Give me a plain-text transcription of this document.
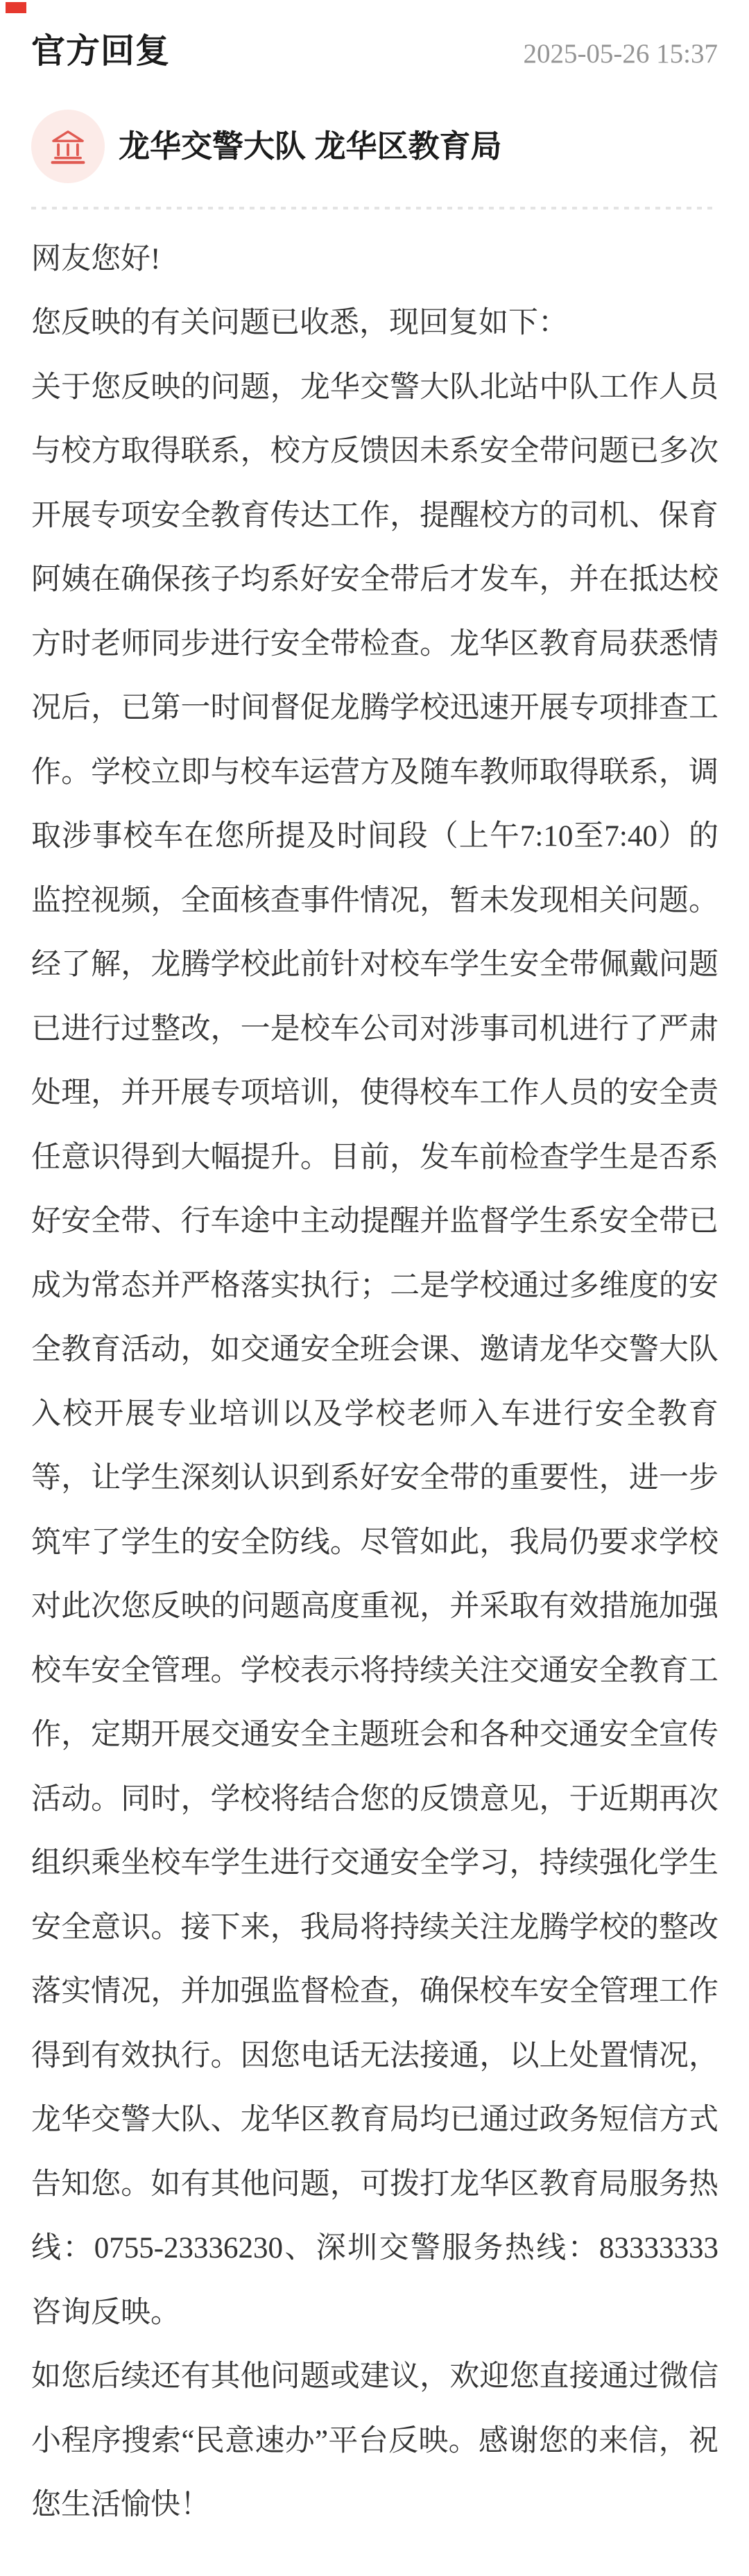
官方回复	2025-05-26 15:37
龙华交警大队 龙华区教育局

网友您好!

您反映的有关问题已收悉，现回复如下：

关于您反映的问题，龙华交警大队北站中队工作人员与校方取得联系，校方反馈因未系安全带问题已多次开展专项安全教育传达工作，提醒校方的司机、保育阿姨在确保孩子均系好安全带后才发车，并在抵达校方时老师同步进行安全带检查。龙华区教育局获悉情况后，已第一时间督促龙腾学校迅速开展专项排查工作。学校立即与校车运营方及随车教师取得联系，调取涉事校车在您所提及时间段（上午7:10至7:40）的监控视频，全面核查事件情况，暂未发现相关问题。经了解，龙腾学校此前针对校车学生安全带佩戴问题已进行过整改，一是校车公司对涉事司机进行了严肃处理，并开展专项培训，使得校车工作人员的安全责任意识得到大幅提升。目前，发车前检查学生是否系好安全带、行车途中主动提醒并监督学生系安全带已成为常态并严格落实执行；二是学校通过多维度的安全教育活动，如交通安全班会课、邀请龙华交警大队入校开展专业培训以及学校老师入车进行安全教育等，让学生深刻认识到系好安全带的重要性，进一步筑牢了学生的安全防线。尽管如此，我局仍要求学校对此次您反映的问题高度重视，并采取有效措施加强校车安全管理。学校表示将持续关注交通安全教育工作，定期开展交通安全主题班会和各种交通安全宣传活动。同时，学校将结合您的反馈意见，于近期再次组织乘坐校车学生进行交通安全学习，持续强化学生安全意识。接下来，我局将持续关注龙腾学校的整改落实情况，并加强监督检查，确保校车安全管理工作得到有效执行。因您电话无法接通，以上处置情况，龙华交警大队、龙华区教育局均已通过政务短信方式告知您。如有其他问题，可拨打龙华区教育局服务热线：0755-23336230、深圳交警服务热线：83333333咨询反映。

如您后续还有其他问题或建议，欢迎您直接通过微信小程序搜索“民意速办”平台反映。感谢您的来信，祝您生活愉快！
